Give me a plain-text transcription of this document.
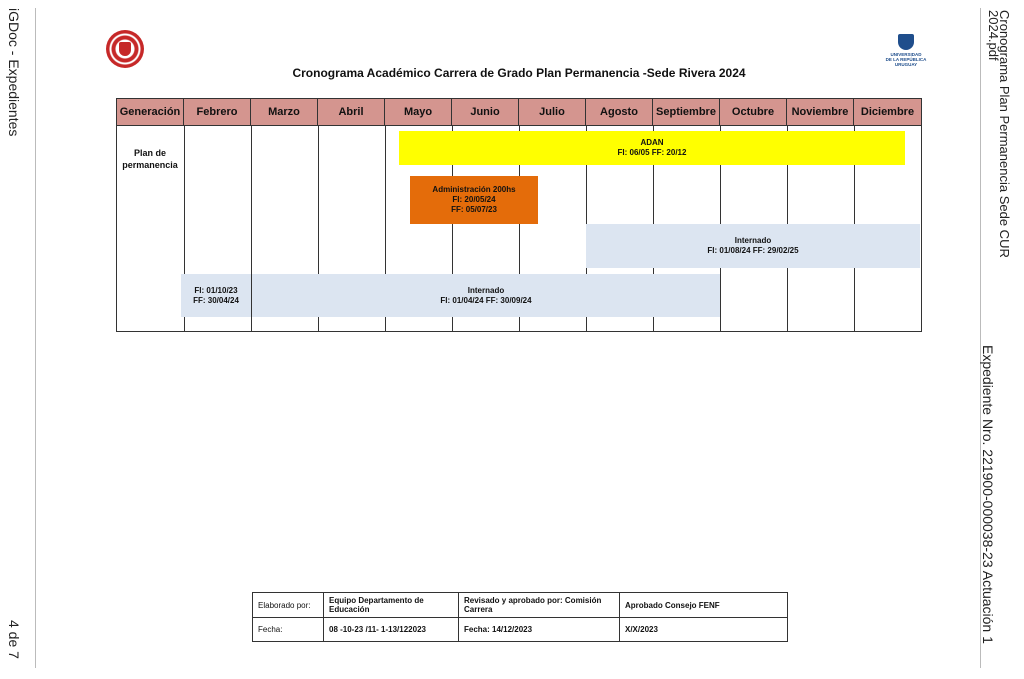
iGDoc - Expedientes
4 de 7
Cronograma Plan Permanencia Sede CUR
2024.pdf
Expediente Nro. 221900-000038-23 Actuación 1
UNIVERSIDAD
DE LA REPÚBLICA
URUGUAY
Cronograma Académico Carrera de Grado Plan Permanencia -Sede Rivera 2024
Generación	Febrero	Marzo	Abril	Mayo	Junio	Julio	Agosto	Septiembre	Octubre	Noviembre	Diciembre
Plan de permanencia
ADAN
FI: 06/05 FF: 20/12
Administración 200hs
FI: 20/05/24
FF: 05/07/23
Internado
FI: 01/08/24 FF: 29/02/25
FI: 01/10/23
FF: 30/04/24
Internado
FI: 01/04/24 FF: 30/09/24
Elaborado por:	Equipo Departamento de Educación	Revisado y aprobado por: Comisión Carrera	Aprobado Consejo FENF
Fecha:	08 -10-23 /11- 1-13/122023	Fecha: 14/12/2023	X/X/2023
